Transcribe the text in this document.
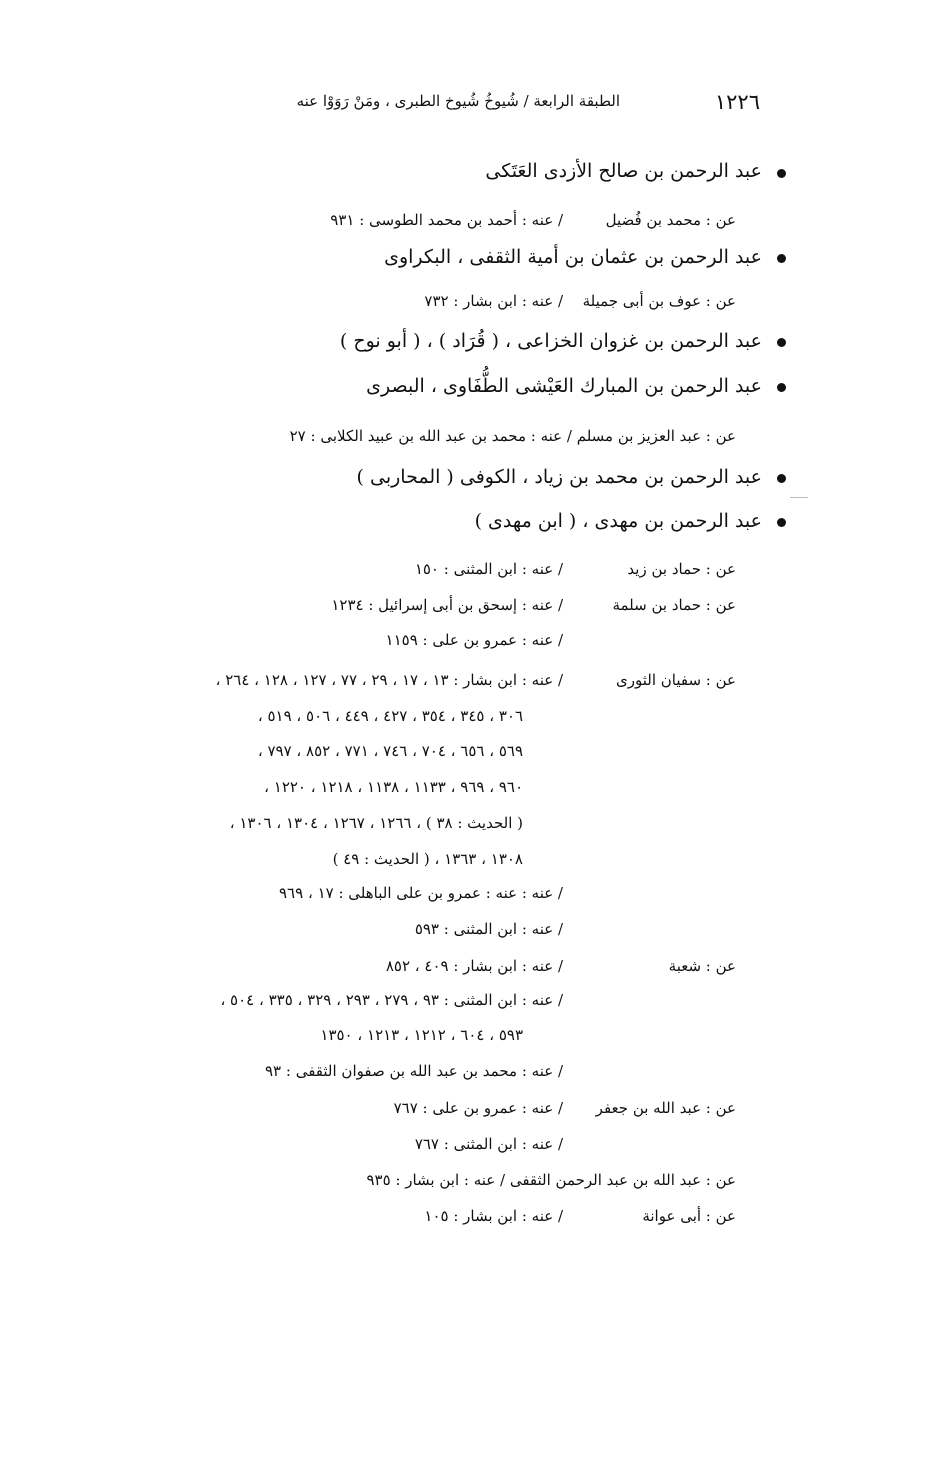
١٢٢٦
الطبقة الرابعة / شُيوخُ شُيوخ الطبرى ، ومَنْ رَوَوْا عنه
عبد الرحمن بن صالح الأزدى العَتَكى
عن : محمد بن فُضيل
/ عنه : أحمد بن محمد الطوسى : ٩٣١
عبد الرحمن بن عثمان بن أمية الثقفى ، البكراوى
عن : عوف بن أبى جميلة
/ عنه : ابن بشار : ٧٣٢
عبد الرحمن بن غزوان الخزاعى ، ( قُرَاد ) ، ( أبو نوح )
عبد الرحمن بن المبارك العَيْشى الطُّفَاوى ، البصرى
عن : عبد العزيز بن مسلم / عنه : محمد بن عبد الله بن عبيد الكلابى : ٢٧
عبد الرحمن بن محمد بن زياد ، الكوفى ( المحاربى )
عبد الرحمن بن مهدى ، ( ابن مهدى )
عن : حماد بن زيد
/ عنه : ابن المثنى : ١٥٠
عن : حماد بن سلمة
/ عنه : إسحق بن أبى إسرائيل : ١٢٣٤
/ عنه : عمرو بن على : ١١٥٩
عن : سفيان الثورى
/ عنه : ابن بشار : ١٣ ، ١٧ ، ٢٩ ، ٧٧ ، ١٢٧ ، ١٢٨ ، ٢٦٤ ،
٣٠٦ ، ٣٤٥ ، ٣٥٤ ، ٤٢٧ ، ٤٤٩ ، ٥٠٦ ، ٥١٩ ،
٥٦٩ ، ٦٥٦ ، ٧٠٤ ، ٧٤٦ ، ٧٧١ ، ٨٥٢ ، ٧٩٧ ،
٩٦٠ ، ٩٦٩ ، ١١٣٣ ، ١١٣٨ ، ١٢١٨ ، ١٢٢٠ ،
( الحديث : ٣٨ ) ، ١٢٦٦ ، ١٢٦٧ ، ١٣٠٤ ، ١٣٠٦ ،
١٣٠٨ ، ١٣٦٣ ، ( الحديث : ٤٩ )
/ عنه : عنه : عمرو بن على الباهلى : ١٧ ، ٩٦٩
/ عنه : ابن المثنى : ٥٩٣
عن : شعبة
/ عنه : ابن بشار : ٤٠٩ ، ٨٥٢
/ عنه : ابن المثنى : ٩٣ ، ٢٧٩ ، ٢٩٣ ، ٣٢٩ ، ٣٣٥ ، ٥٠٤ ،
٥٩٣ ، ٦٠٤ ، ١٢١٢ ، ١٢١٣ ، ١٣٥٠
/ عنه : محمد بن عبد الله بن صفوان الثقفى : ٩٣
عن : عبد الله بن جعفر
/ عنه : عمرو بن على : ٧٦٧
/ عنه : ابن المثنى : ٧٦٧
عن : عبد الله بن عبد الرحمن الثقفى / عنه : ابن بشار : ٩٣٥
عن : أبى عوانة
/ عنه : ابن بشار : ١٠٥
